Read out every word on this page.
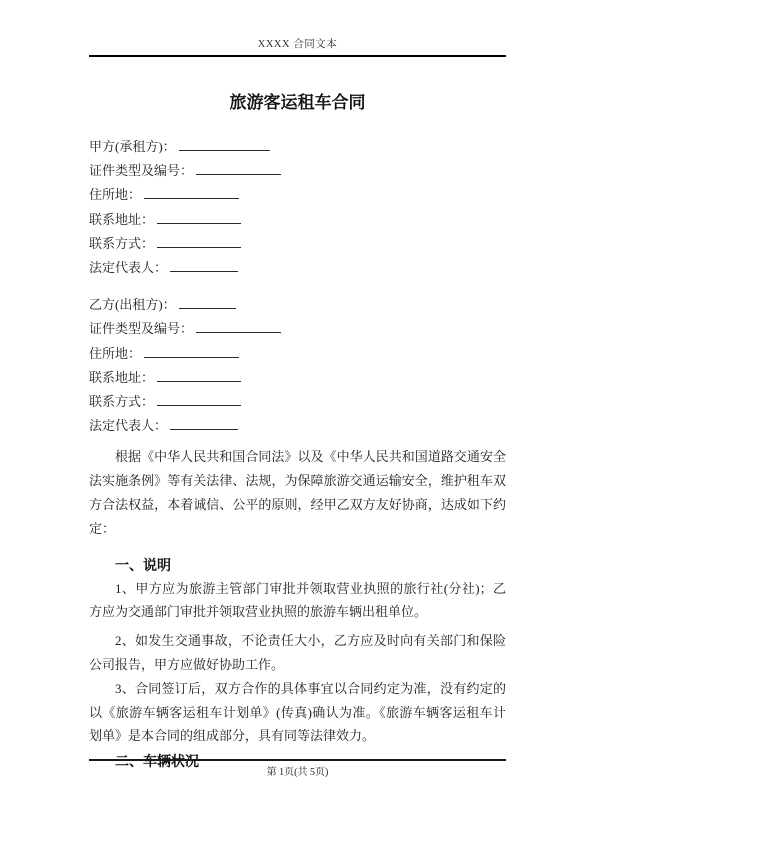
XXXX 合同文本
旅游客运租车合同
甲方(承租方)：
证件类型及编号：
住所地：
联系地址：
联系方式：
法定代表人：
乙方(出租方)：
证件类型及编号：
住所地：
联系地址：
联系方式：
法定代表人：

根据《中华人民共和国合同法》以及《中华人民共和国道路交通安全法实施条例》等有关法律、法规，为保障旅游交通运输安全，维护租车双方合法权益，本着诚信、公平的原则，经甲乙双方友好协商，达成如下约定：

一、说明

1、甲方应为旅游主管部门审批并领取营业执照的旅行社(分社)；乙方应为交通部门审批并领取营业执照的旅游车辆出租单位。

2、如发生交通事故，不论责任大小，乙方应及时向有关部门和保险公司报告，甲方应做好协助工作。

3、合同签订后，双方合作的具体事宜以合同约定为准，没有约定的以《旅游车辆客运租车计划单》(传真)确认为准。《旅游车辆客运租车计划单》是本合同的组成部分，具有同等法律效力。

二、车辆状况
第 1页(共 5页)
